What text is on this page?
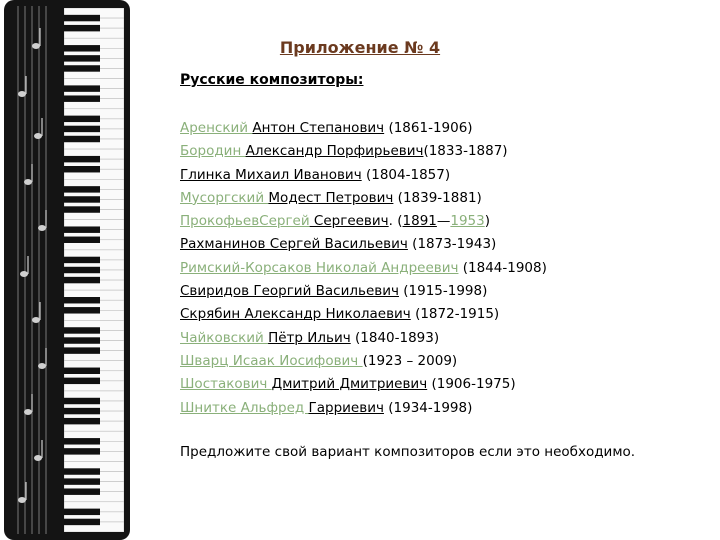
Приложение № 4
Русские композиторы:
Аренский Антон Степанович (1861-1906)
Бородин Александр Порфирьевич(1833-1887)
Глинка Михаил Иванович (1804-1857)
Мусоргский Модест Петрович (1839-1881)
ПрокофьевСергей Сергеевич. (1891—1953)
Рахманинов Сергей Васильевич (1873-1943)
Римский-Корсаков Николай Андреевич (1844-1908)
Свиридов Георгий Васильевич (1915-1998)
Скрябин Александр Николаевич (1872-1915)
Чайковский Пётр Ильич (1840-1893)
Шварц Исаак Иосифович (1923 – 2009)
Шостакович Дмитрий Дмитриевич (1906-1975)
Шнитке Альфред Гарриевич (1934-1998)
Предложите свой вариант композиторов если это необходимо.
